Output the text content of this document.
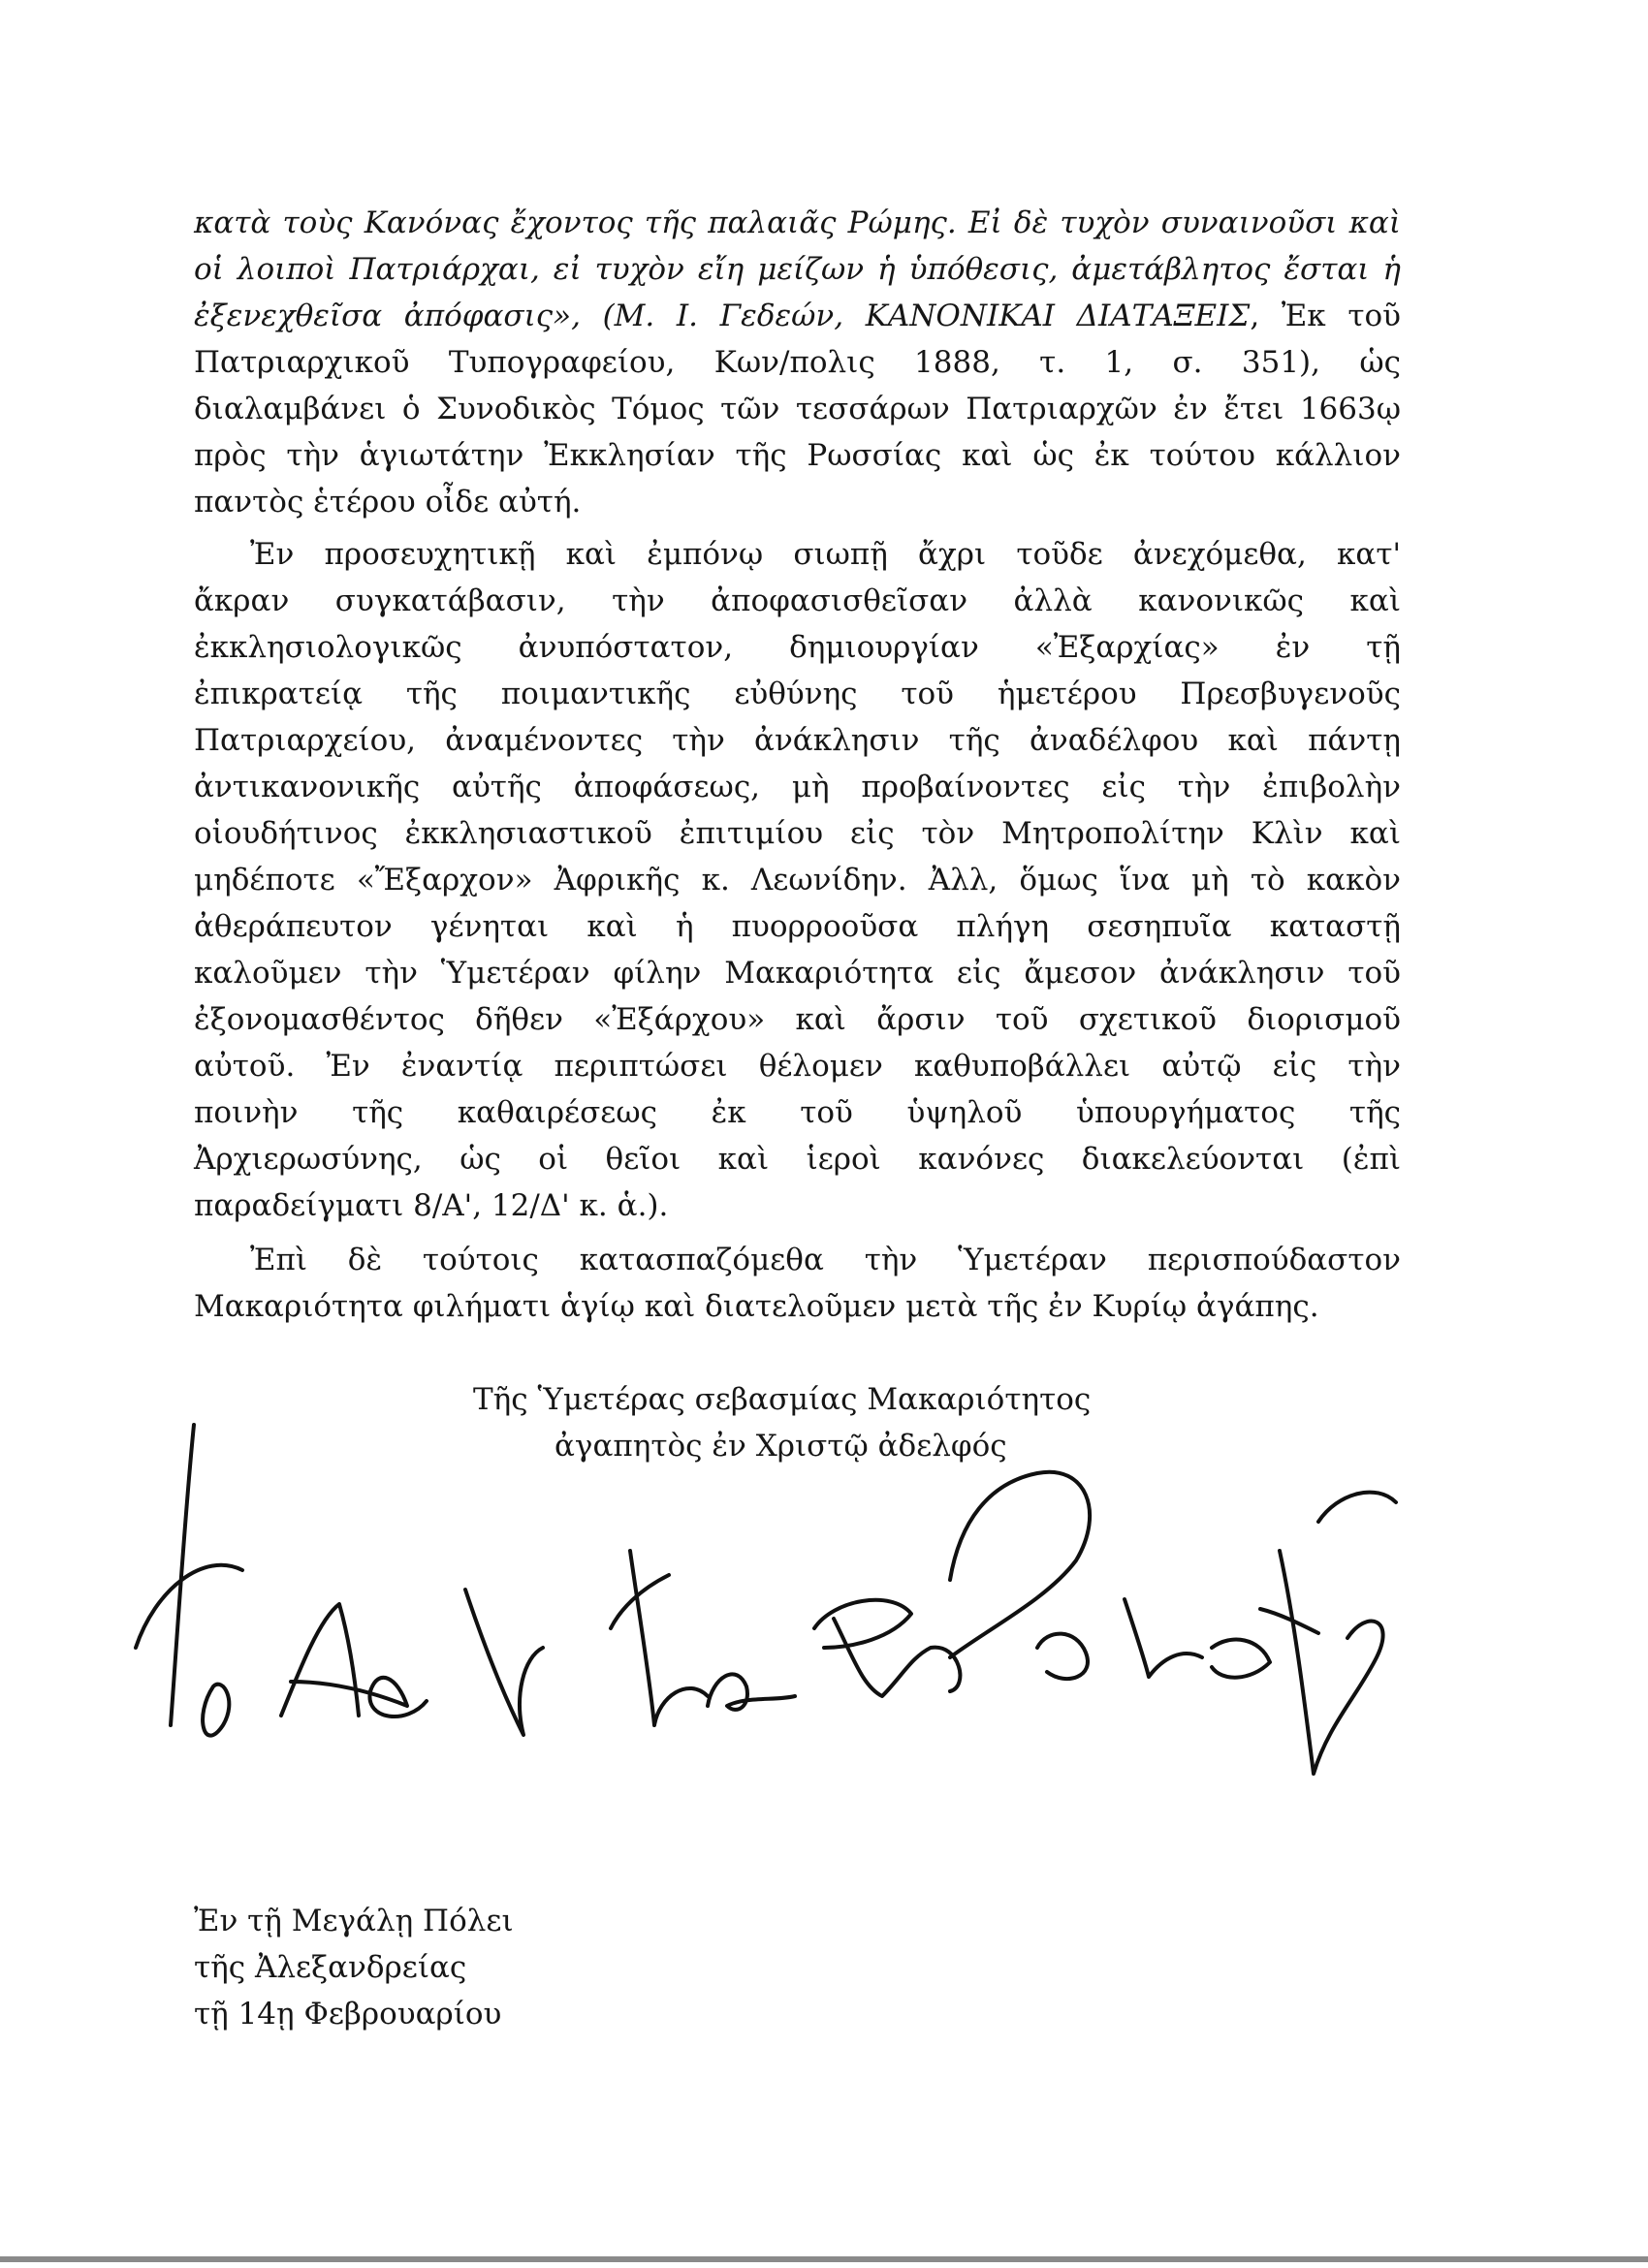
κατὰ τοὺς Κανόνας ἔχοντος τῆς παλαιᾶς Ρώμης. Εἰ δὲ τυχὸν συναινοῦσι καὶ
οἱ λοιποὶ Πατριάρχαι, εἰ τυχὸν εἴη μείζων ἡ ὑπόθεσις, ἀμετάβλητος ἔσται ἡ
ἐξενεχθεῖσα ἀπόφασις», (Μ. Ι. Γεδεών, ΚΑΝΟΝΙΚΑΙ ΔΙΑΤΑΞΕΙΣ, Ἐκ τοῦ
Πατριαρχικοῦ Τυπογραφείου, Κων/πολις 1888, τ. 1, σ. 351), ὡς
διαλαμβάνει ὁ Συνοδικὸς Τόμος τῶν τεσσάρων Πατριαρχῶν ἐν ἔτει 1663ῳ
πρὸς τὴν ἁγιωτάτην Ἐκκλησίαν τῆς Ρωσσίας καὶ ὡς ἐκ τούτου κάλλιον
παντὸς ἑτέρου οἶδε αὐτή.
Ἐν προσευχητικῇ καὶ ἐμπόνῳ σιωπῇ ἄχρι τοῦδε ἀνεχόμεθα, κατ'
ἄκραν συγκατάβασιν, τὴν ἀποφασισθεῖσαν ἀλλὰ κανονικῶς καὶ
ἐκκλησιολογικῶς ἀνυπόστατον, δημιουργίαν «Ἐξαρχίας» ἐν τῇ
ἐπικρατείᾳ τῆς ποιμαντικῆς εὐθύνης τοῦ ἡμετέρου Πρεσβυγενοῦς
Πατριαρχείου, ἀναμένοντες τὴν ἀνάκλησιν τῆς ἀναδέλφου καὶ πάντῃ
ἀντικανονικῆς αὐτῆς ἀποφάσεως, μὴ προβαίνοντες εἰς τὴν ἐπιβολὴν
οἱουδήτινος ἐκκλησιαστικοῦ ἐπιτιμίου εἰς τὸν Μητροπολίτην Κλὶν καὶ
μηδέποτε «Ἔξαρχον» Ἀφρικῆς κ. Λεωνίδην. Ἀλλ, ὅμως ἵνα μὴ τὸ κακὸν
ἀθεράπευτον γένηται καὶ ἡ πυορροοῦσα πλήγη σεσηπυῖα καταστῇ
καλοῦμεν τὴν Ὑμετέραν φίλην Μακαριότητα εἰς ἄμεσον ἀνάκλησιν τοῦ
ἐξονομασθέντος δῆθεν «Ἐξάρχου» καὶ ἄρσιν τοῦ σχετικοῦ διορισμοῦ
αὐτοῦ. Ἐν ἐναντίᾳ περιπτώσει θέλομεν καθυποβάλλει αὐτῷ εἰς τὴν
ποινὴν τῆς καθαιρέσεως ἐκ τοῦ ὑψηλοῦ ὑπουργήματος τῆς
Ἀρχιερωσύνης, ὡς οἱ θεῖοι καὶ ἱεροὶ κανόνες διακελεύονται (ἐπὶ
παραδείγματι 8/Α', 12/Δ' κ. ἁ.).
Ἐπὶ δὲ τούτοις κατασπαζόμεθα τὴν Ὑμετέραν περισπούδαστον
Μακαριότητα φιλήματι ἁγίῳ καὶ διατελοῦμεν μετὰ τῆς ἐν Κυρίῳ ἀγάπης.
Τῆς Ὑμετέρας σεβασμίας Μακαριότητος
ἀγαπητὸς ἐν Χριστῷ ἀδελφός
Ἐν τῇ Μεγάλῃ Πόλει
τῆς Ἀλεξανδρείας
τῇ 14ῃ Φεβρουαρίου
